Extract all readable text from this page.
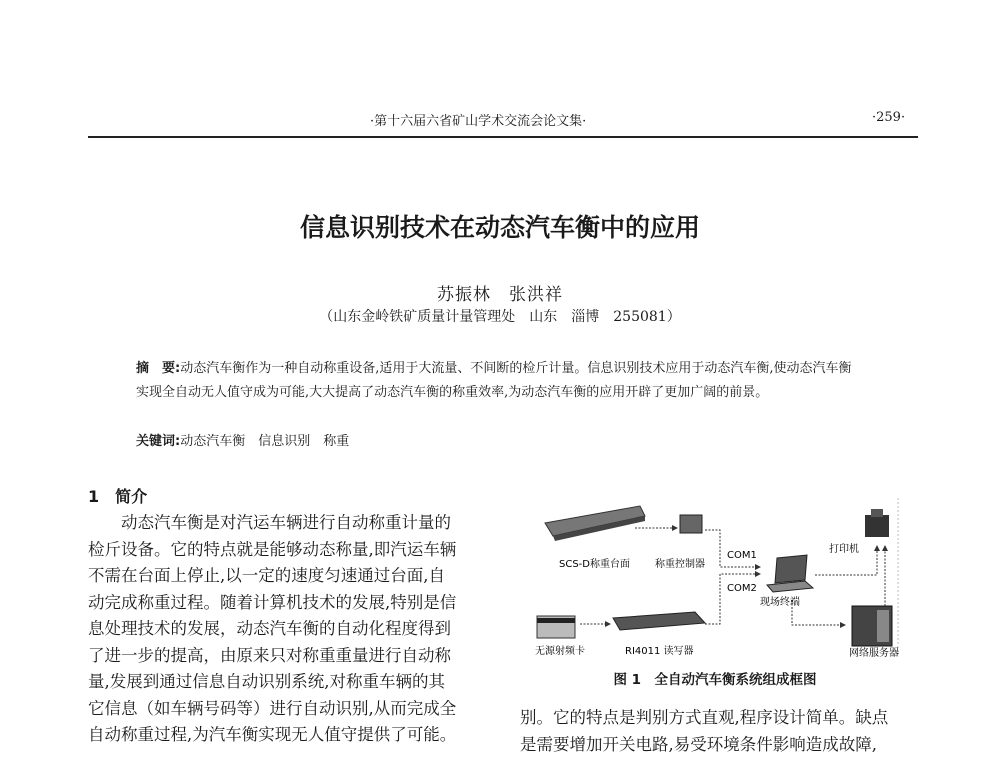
·第十六届六省矿山学术交流会论文集·	·259·
信息识别技术在动态汽车衡中的应用
苏振林　张洪祥
（山东金岭铁矿质量计量管理处　山东　淄博　255081）
摘　要:动态汽车衡作为一种自动称重设备,适用于大流量、不间断的检斤计量。信息识别技术应用于动态汽车衡,使动态汽车衡实现全自动无人值守成为可能,大大提高了动态汽车衡的称重效率,为动态汽车衡的应用开辟了更加广阔的前景。
关键词:动态汽车衡　信息识别　称重
1　简介
　　动态汽车衡是对汽运车辆进行自动称重计量的
检斤设备。它的特点就是能够动态称量,即汽运车辆
不需在台面上停止,以一定的速度匀速通过台面,自
动完成称重过程。随着计算机技术的发展,特别是信
息处理技术的发展，动态汽车衡的自动化程度得到
了进一步的提高，由原来只对称重重量进行自动称
量,发展到通过信息自动识别系统,对称重车辆的其
它信息（如车辆号码等）进行自动识别,从而完成全
自动称重过程,为汽车衡实现无人值守提供了可能。
SCS-D称重台面	称重控制器
COM1
COM2
现场终端
打印机
无源射频卡	RI4011 读写器	网络服务器
图 1　全自动汽车衡系统组成框图
别。它的特点是判别方式直观,程序设计简单。缺点
是需要增加开关电路,易受环境条件影响造成故障,
